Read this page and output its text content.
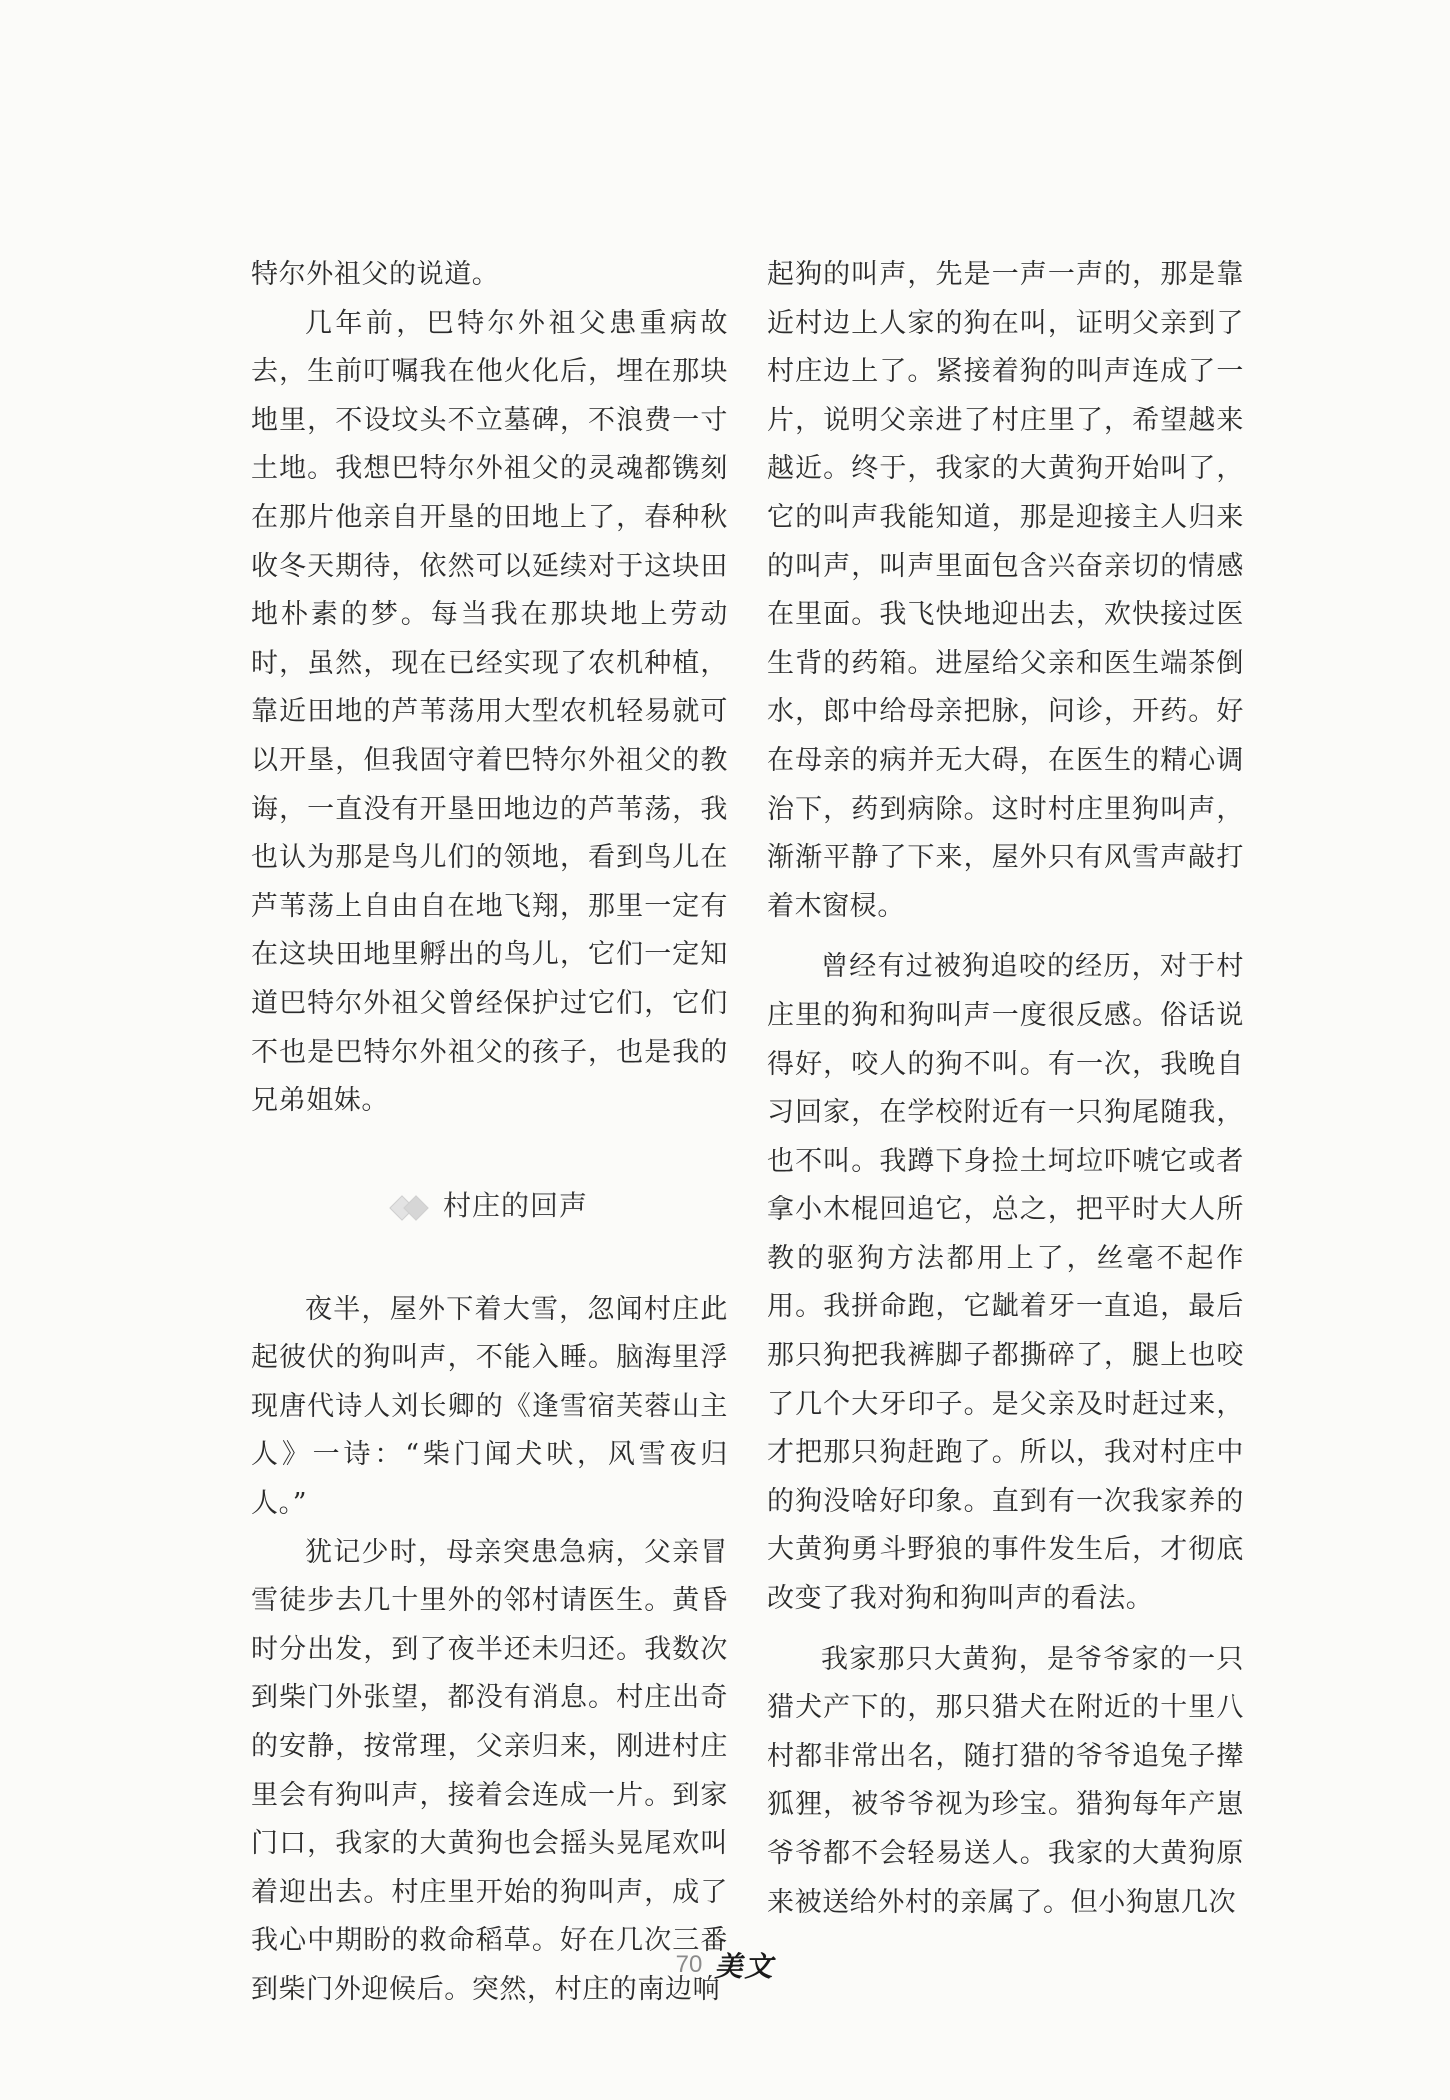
特尔外祖父的说道。

几年前，巴特尔外祖父患重病故去，生前叮嘱我在他火化后，埋在那块地里，不设坟头不立墓碑，不浪费一寸土地。我想巴特尔外祖父的灵魂都镌刻在那片他亲自开垦的田地上了，春种秋收冬天期待，依然可以延续对于这块田地朴素的梦。每当我在那块地上劳动时，虽然，现在已经实现了农机种植，靠近田地的芦苇荡用大型农机轻易就可以开垦，但我固守着巴特尔外祖父的教诲，一直没有开垦田地边的芦苇荡，我也认为那是鸟儿们的领地，看到鸟儿在芦苇荡上自由自在地飞翔，那里一定有在这块田地里孵出的鸟儿，它们一定知道巴特尔外祖父曾经保护过它们，它们不也是巴特尔外祖父的孩子，也是我的兄弟姐妹。

村庄的回声

夜半，屋外下着大雪，忽闻村庄此起彼伏的狗叫声，不能入睡。脑海里浮现唐代诗人刘长卿的《逢雪宿芙蓉山主人》一诗：“柴门闻犬吠，风雪夜归人。”

犹记少时，母亲突患急病，父亲冒雪徒步去几十里外的邻村请医生。黄昏时分出发，到了夜半还未归还。我数次到柴门外张望，都没有消息。村庄出奇的安静，按常理，父亲归来，刚进村庄里会有狗叫声，接着会连成一片。到家门口，我家的大黄狗也会摇头晃尾欢叫着迎出去。村庄里开始的狗叫声，成了我心中期盼的救命稻草。好在几次三番到柴门外迎候后。突然，村庄的南边响

起狗的叫声，先是一声一声的，那是靠近村边上人家的狗在叫，证明父亲到了村庄边上了。紧接着狗的叫声连成了一片，说明父亲进了村庄里了，希望越来越近。终于，我家的大黄狗开始叫了，它的叫声我能知道，那是迎接主人归来的叫声，叫声里面包含兴奋亲切的情感在里面。我飞快地迎出去，欢快接过医生背的药箱。进屋给父亲和医生端茶倒水，郎中给母亲把脉，问诊，开药。好在母亲的病并无大碍，在医生的精心调治下，药到病除。这时村庄里狗叫声，渐渐平静了下来，屋外只有风雪声敲打着木窗棂。

曾经有过被狗追咬的经历，对于村庄里的狗和狗叫声一度很反感。俗话说得好，咬人的狗不叫。有一次，我晚自习回家，在学校附近有一只狗尾随我，也不叫。我蹲下身捡土坷垃吓唬它或者拿小木棍回追它，总之，把平时大人所教的驱狗方法都用上了，丝毫不起作用。我拼命跑，它龇着牙一直追，最后那只狗把我裤脚子都撕碎了，腿上也咬了几个大牙印子。是父亲及时赶过来，才把那只狗赶跑了。所以，我对村庄中的狗没啥好印象。直到有一次我家养的大黄狗勇斗野狼的事件发生后，才彻底改变了我对狗和狗叫声的看法。

我家那只大黄狗，是爷爷家的一只猎犬产下的，那只猎犬在附近的十里八村都非常出名，随打猎的爷爷追兔子撵狐狸，被爷爷视为珍宝。猎狗每年产崽爷爷都不会轻易送人。我家的大黄狗原来被送给外村的亲属了。但小狗崽几次

70 美文
